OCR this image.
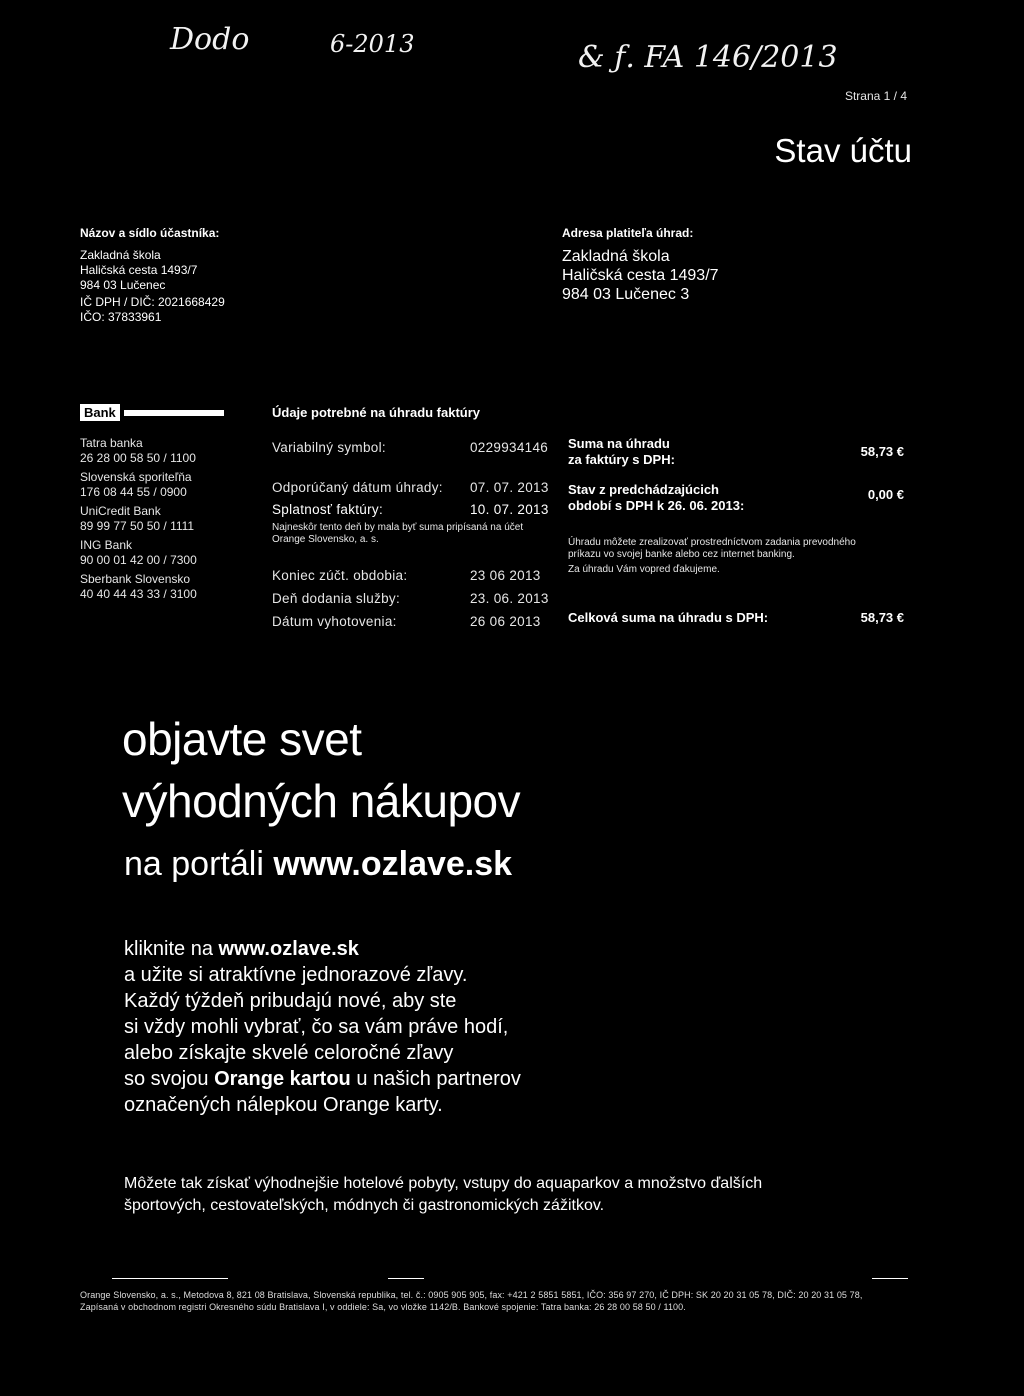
Dodo	6-2013	& ƒ. FA 146/2013
Strana 1 / 4
Stav účtu
Názov a sídlo účastníka:
Zakladná škola
Haličská cesta 1493/7
984 03 Lučenec
IČ DPH / DIČ: 2021668429
IČO: 37833961
Adresa platiteľa úhrad:
Zakladná škola
Haličská cesta 1493/7
984 03 Lučenec 3
Bank
Tatra banka
26 28 00 58 50 / 1100
Slovenská sporiteľňa
176 08 44 55 / 0900
UniCredit Bank
89 99 77 50 50 / 1111
ING Bank
90 00 01 42 00 / 7300
Sberbank Slovensko
40 40 44 43 33 / 3100
Údaje potrebné na úhradu faktúry
Variabilný symbol:	0229934146
Odporúčaný dátum úhrady: 07. 07. 2013
Splatnosť faktúry:	10. 07. 2013
Najneskôr tento deň by mala byť suma pripísaná na účet
Orange Slovensko, a. s.
Koniec zúčt. obdobia:	23 06 2013
Deň dodania služby:	23. 06. 2013
Dátum vyhotovenia:	26 06 2013
Suma na úhradu
za faktúry s DPH:
58,73 €
Stav z predchádzajúcich
období s DPH k 26. 06. 2013:
0,00 €
Úhradu môžete zrealizovať prostredníctvom zadania prevodného
príkazu vo svojej banke alebo cez internet banking.
Za úhradu Vám vopred ďakujeme.
Celková suma na úhradu s DPH:	58,73 €
objavte svet
výhodných nákupov
na portáli www.ozlave.sk
kliknite na www.ozlave.sk
a užite si atraktívne jednorazové zľavy.
Každý týždeň pribudajú nové, aby ste
si vždy mohli vybrať, čo sa vám práve hodí,
alebo získajte skvelé celoročné zľavy
so svojou Orange kartou u našich partnerov
označených nálepkou Orange karty.
Môžete tak získať výhodnejšie hotelové pobyty, vstupy do aquaparkov a množstvo ďalších
športových, cestovateľských, módnych či gastronomických zážitkov.
Orange Slovensko, a. s., Metodova 8, 821 08 Bratislava, Slovenská republika, tel. č.: 0905 905 905, fax: +421 2 5851 5851, IČO: 356 97 270, IČ DPH: SK 20 20 31 05 78, DIČ: 20 20 31 05 78,
Zapísaná v obchodnom registri Okresného súdu Bratislava I, v oddiele: Sa, vo vložke 1142/B. Bankové spojenie: Tatra banka: 26 28 00 58 50 / 1100.
